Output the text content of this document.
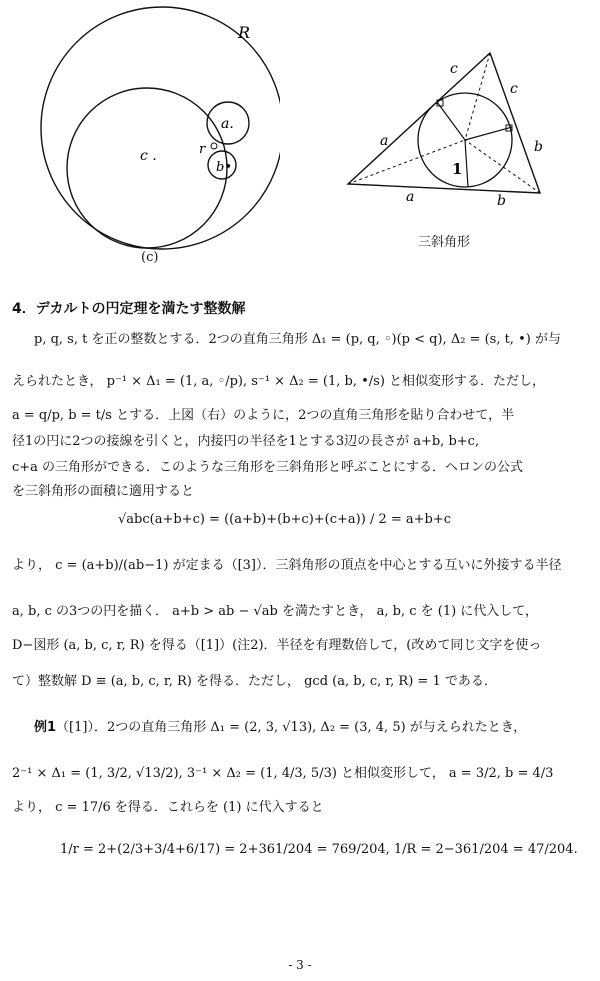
R
a.
b•
c .	r
(c)
c
c
a	b
a	b
1
三斜角形
4．デカルトの円定理を満たす整数解
p, q, s, t を正の整数とする．2つの直角三角形 Δ₁ = (p, q, ◦)(p < q), Δ₂ = (s, t, •) が与
えられたとき， p⁻¹ × Δ₁ = (1, a, ◦/p), s⁻¹ × Δ₂ = (1, b, •/s) と相似変形する．ただし，
a = q/p, b = t/s とする．上図（右）のように，2つの直角三角形を貼り合わせて，半
径1の円に2つの接線を引くと，内接円の半径を1とする3辺の長さが a+b, b+c,
c+a の三角形ができる．このような三角形を三斜角形と呼ぶことにする．ヘロンの公式
を三斜角形の面積に適用すると
√abc(a+b+c) = ((a+b)+(b+c)+(c+a)) / 2 = a+b+c
より， c = (a+b)/(ab−1) が定まる（[3]）．三斜角形の頂点を中心とする互いに外接する半径
a, b, c の3つの円を描く． a+b > ab − √ab を満たすとき， a, b, c を (1) に代入して，
D−図形 (a, b, c, r, R) を得る（[1]）(注2)．半径を有理数倍して，(改めて同じ文字を使っ
て）整数解 D ≡ (a, b, c, r, R) を得る．ただし， gcd (a, b, c, r, R) = 1 である．
例1（[1]）．2つの直角三角形 Δ₁ = (2, 3, √13), Δ₂ = (3, 4, 5) が与えられたとき，
2⁻¹ × Δ₁ = (1, 3/2, √13/2), 3⁻¹ × Δ₂ = (1, 4/3, 5/3) と相似変形して， a = 3/2, b = 4/3
より， c = 17/6 を得る．これらを (1) に代入すると
1/r = 2+(2/3+3/4+6/17) = 2+361/204 = 769/204, 1/R = 2−361/204 = 47/204.
- 3 -
